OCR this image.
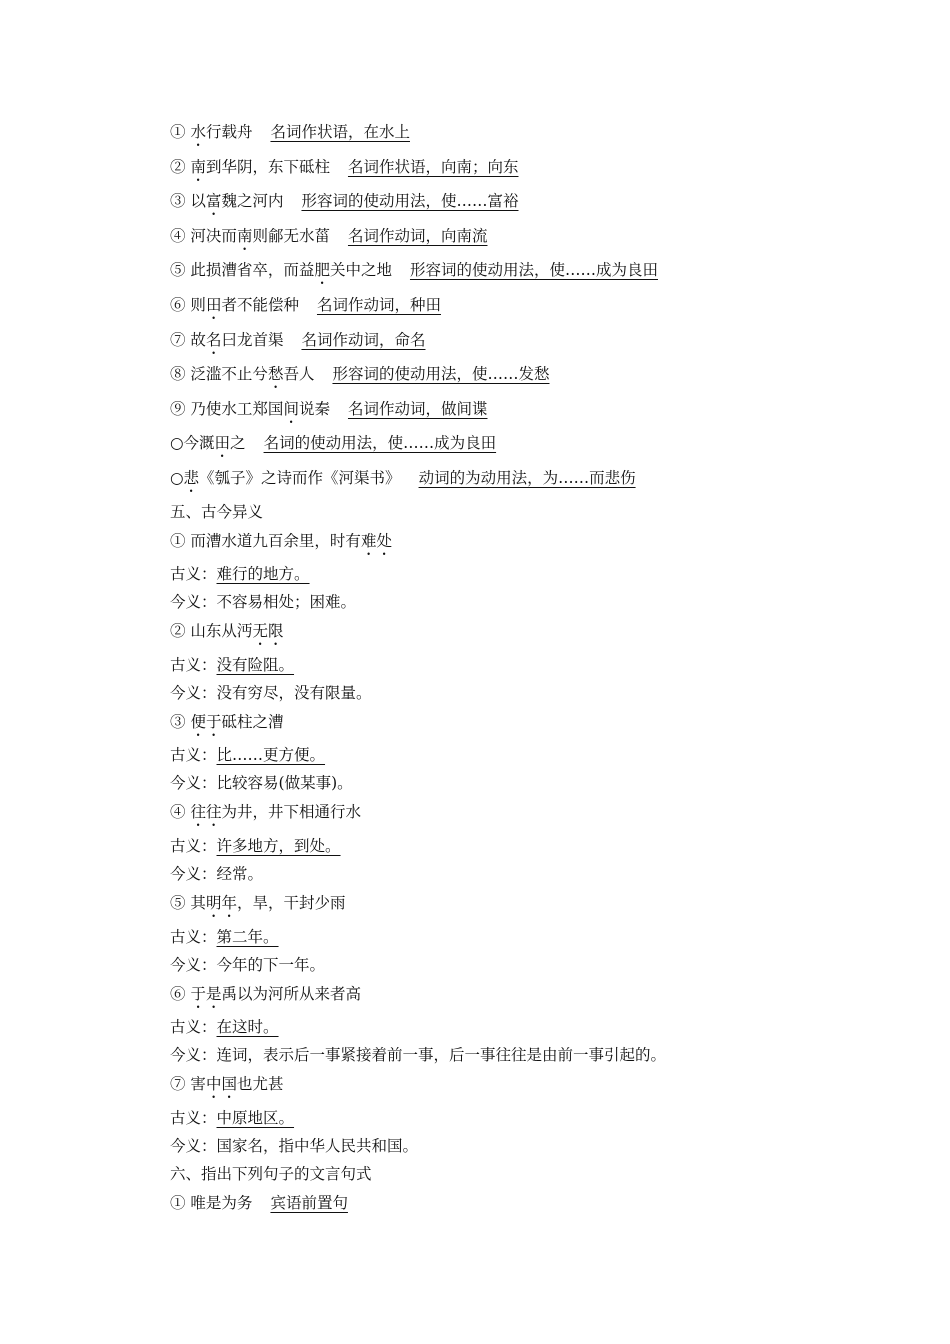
① 水行载舟 名词作状语，在水上
② 南到华阴，东下砥柱 名词作状语，向南；向东
③ 以富魏之河内 形容词的使动用法，使……富裕
④ 河决而南则鄃无水菑 名词作动词，向南流
⑤ 此损漕省卒，而益肥关中之地 形容词的使动用法，使……成为良田
⑥ 则田者不能偿种 名词作动词，种田
⑦ 故名曰龙首渠 名词作动词，命名
⑧ 泛滥不止兮愁吾人 形容词的使动用法，使……发愁
⑨ 乃使水工郑国间说秦 名词作动词，做间谍
○今溉田之 名词的使动用法，使……成为良田
○悲《瓠子》之诗而作《河渠书》 动词的为动用法，为……而悲伤
五、古今异义
① 而漕水道九百余里，时有难处
古义：难行的地方。
今义：不容易相处；困难。
② 山东从沔无限
古义：没有险阻。
今义：没有穷尽，没有限量。
③ 便于砥柱之漕
古义：比……更方便。
今义：比较容易(做某事)。
④ 往往为井，井下相通行水
古义：许多地方，到处。
今义：经常。
⑤ 其明年，旱，干封少雨
古义：第二年。
今义：今年的下一年。
⑥ 于是禹以为河所从来者高
古义：在这时。
今义：连词，表示后一事紧接着前一事，后一事往往是由前一事引起的。
⑦ 害中国也尤甚
古义：中原地区。
今义：国家名，指中华人民共和国。
六、指出下列句子的文言句式
① 唯是为务 宾语前置句
